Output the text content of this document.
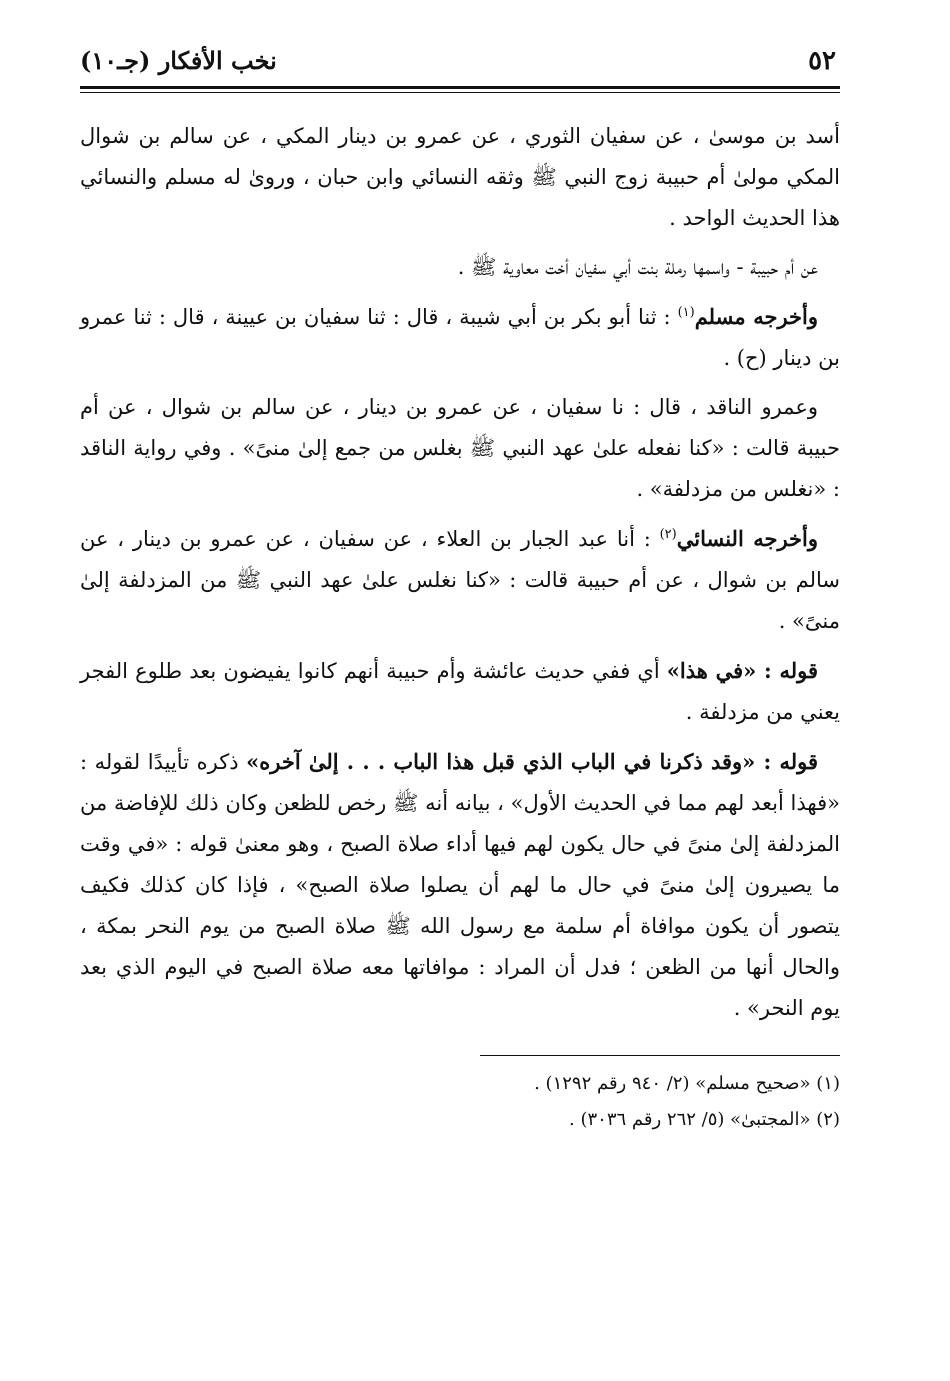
٥٢
نخب الأفكار (جـ١٠)

أسد بن موسىٰ ، عن سفيان الثوري ، عن عمرو بن دينار المكي ، عن سالم بن شوال المكي مولىٰ أم حبيبة زوج النبي ﷺ وثقه النسائي وابن حبان ، وروىٰ له مسلم والنسائي هذا الحديث الواحد .

عن أم حبيبة - واسمها رملة بنت أبي سفيان أخت معاوية ﷺ .

وأخرجه مسلم$^{(١)}$ : ثنا أبو بكر بن أبي شيبة ، قال : ثنا سفيان بن عيينة ، قال : ثنا عمرو بن دينار (ح) .

وعمرو الناقد ، قال : نا سفيان ، عن عمرو بن دينار ، عن سالم بن شوال ، عن أم حبيبة قالت : «كنا نفعله علىٰ عهد النبي ﷺ بغلس من جمع إلىٰ منىً» . وفي رواية الناقد : «نغلس من مزدلفة» .

وأخرجه النسائي$^{(٢)}$ : أنا عبد الجبار بن العلاء ، عن سفيان ، عن عمرو بن دينار ، عن سالم بن شوال ، عن أم حبيبة قالت : «كنا نغلس علىٰ عهد النبي ﷺ من المزدلفة إلىٰ منىً» .

قوله : «في هذا» أي ففي حديث عائشة وأم حبيبة أنهم كانوا يفيضون بعد طلوع الفجر يعني من مزدلفة .

قوله : «وقد ذكرنا في الباب الذي قبل هذا الباب . . . إلىٰ آخره» ذكره تأييدًا لقوله : «فهذا أبعد لهم مما في الحديث الأول» ، بيانه أنه ﷺ رخص للظعن وكان ذلك للإفاضة من المزدلفة إلىٰ منىً في حال يكون لهم فيها أداء صلاة الصبح ، وهو معنىٰ قوله : «في وقت ما يصيرون إلىٰ منىً في حال ما لهم أن يصلوا صلاة الصبح» ، فإذا كان كذلك فكيف يتصور أن يكون موافاة أم سلمة مع رسول الله ﷺ صلاة الصبح من يوم النحر بمكة ، والحال أنها من الظعن ؛ فدل أن المراد : موافاتها معه صلاة الصبح في اليوم الذي بعد يوم النحر» .

(١) «صحيح مسلم» (٢/ ٩٤٠ رقم ١٢٩٢) .
(٢) «المجتبىٰ» (٥/ ٢٦٢ رقم ٣٠٣٦) .
